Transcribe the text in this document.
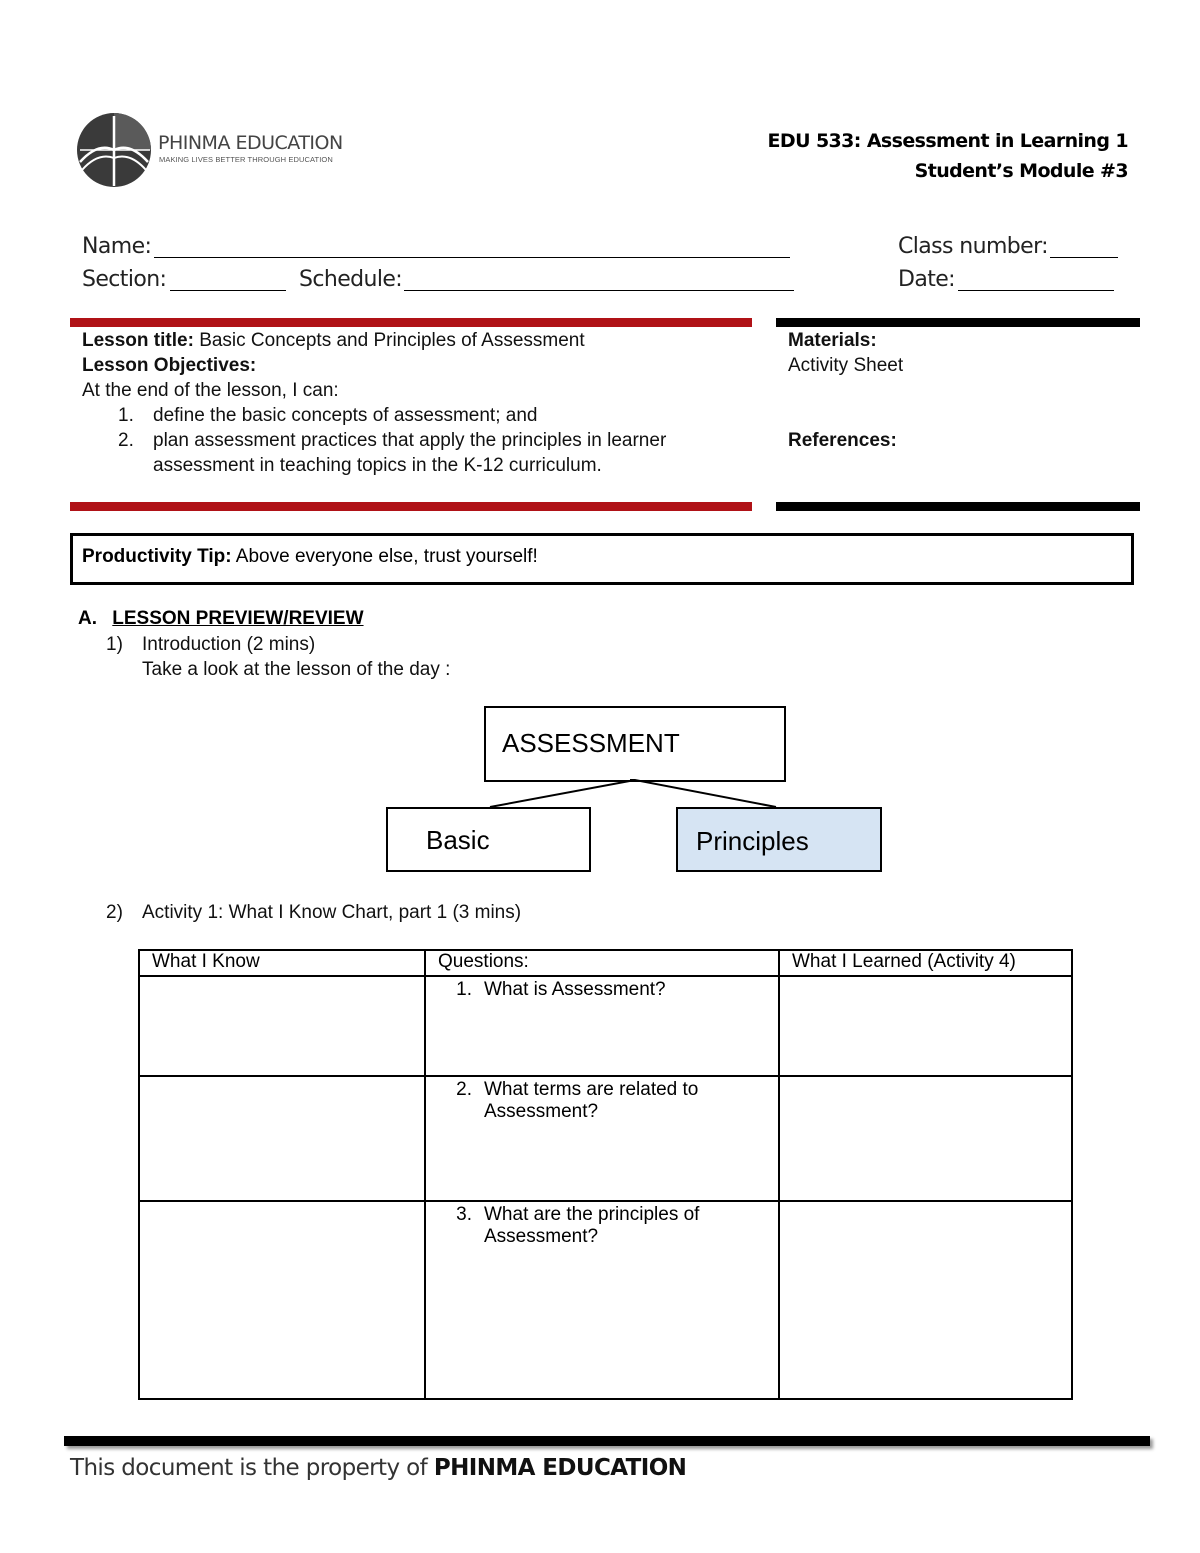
PHINMA EDUCATION
MAKING LIVES BETTER THROUGH EDUCATION
EDU 533: Assessment in Learning 1
Student’s Module #3
Name:	Class number:
Section:	Schedule:	Date:
Lesson title: Basic Concepts and Principles of Assessment
Lesson Objectives:
At the end of the lesson, I can:
1. define the basic concepts of assessment; and
2. plan assessment practices that apply the principles in learner
assessment in teaching topics in the K-12 curriculum.
Materials:
Activity Sheet
References:
Productivity Tip: Above everyone else, trust yourself!
A. LESSON PREVIEW/REVIEW
1) Introduction (2 mins)
Take a look at the lesson of the day :
ASSESSMENT
Basic	Principles
2) Activity 1: What I Know Chart, part 1 (3 mins)
What I Know	Questions:	What I Learned (Activity 4)
	1. What is Assessment?	
	2. What terms are related to Assessment?	
	3. What are the principles of Assessment?	
This document is the property of PHINMA EDUCATION
